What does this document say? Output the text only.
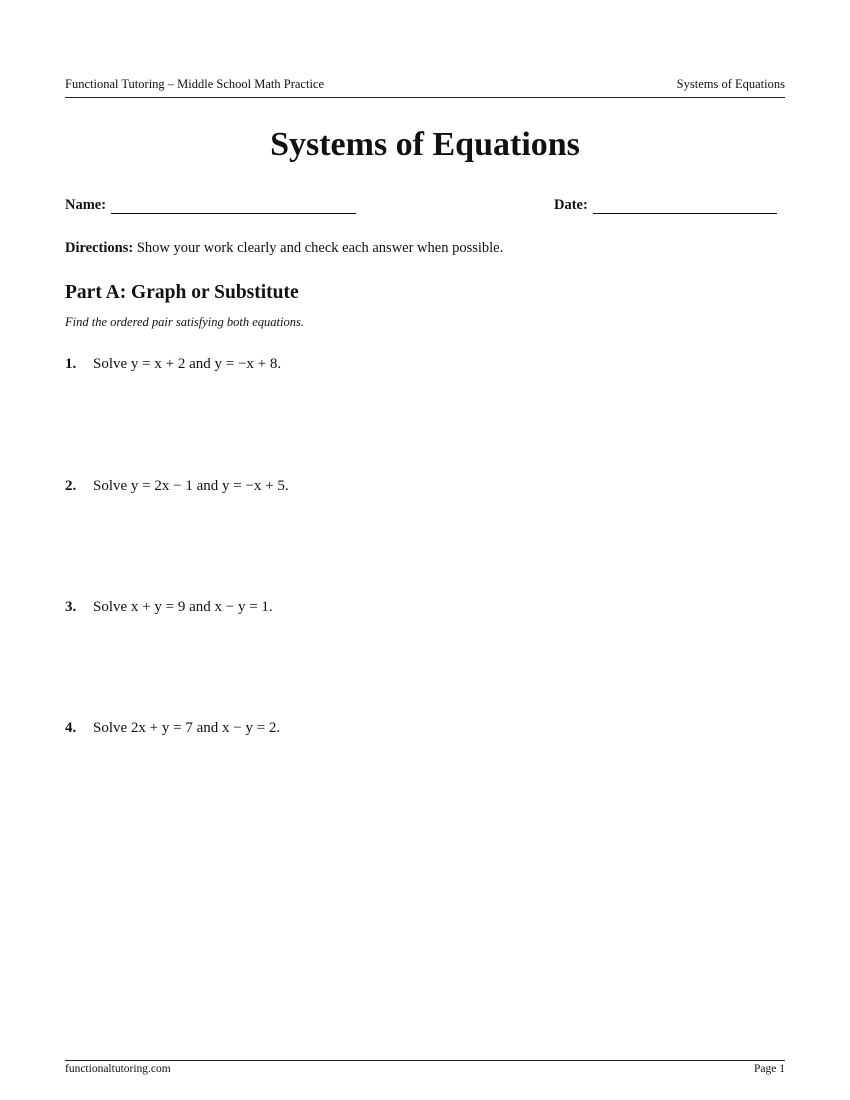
Functional Tutoring – Middle School Math Practice	Systems of Equations
Systems of Equations
Name:	Date:
Directions: Show your work clearly and check each answer when possible.
Part A: Graph or Substitute
Find the ordered pair satisfying both equations.
1.	Solve y = x + 2 and y = −x + 8.
2.	Solve y = 2x − 1 and y = −x + 5.
3.	Solve x + y = 9 and x − y = 1.
4.	Solve 2x + y = 7 and x − y = 2.
functionaltutoring.com	Page 1
